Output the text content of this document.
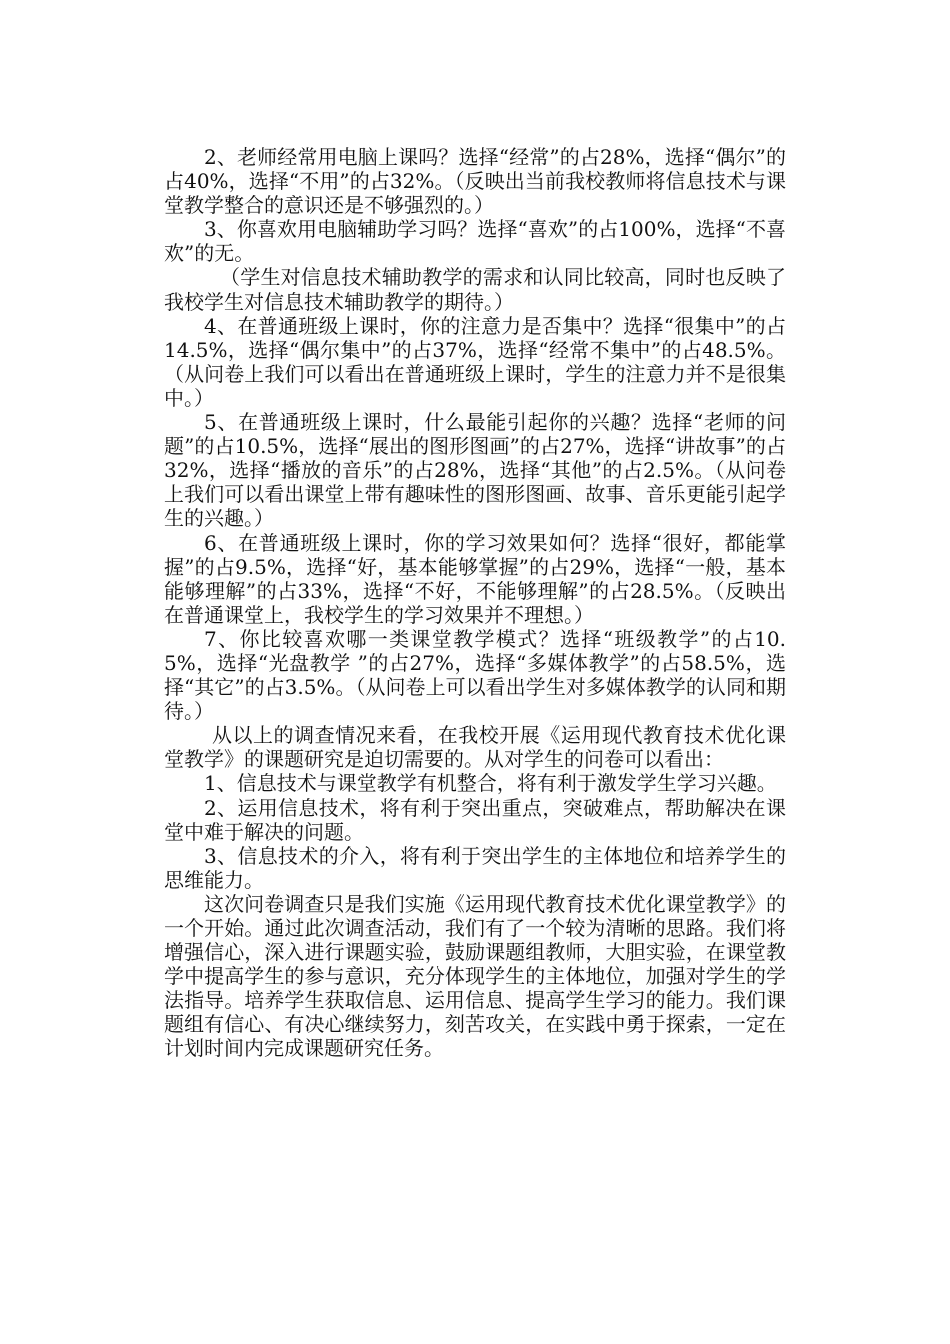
2、老师经常用电脑上课吗？选择“经常”的占28%，选择“偶尔”的占40%，选择“不用”的占32%。（反映出当前我校教师将信息技术与课堂教学整合的意识还是不够强烈的。）

3、你喜欢用电脑辅助学习吗？选择“喜欢”的占100%，选择“不喜欢”的无。

（学生对信息技术辅助教学的需求和认同比较高，同时也反映了我校学生对信息技术辅助教学的期待。）

4、在普通班级上课时，你的注意力是否集中？选择“很集中”的占14.5%，选择“偶尔集中”的占37%，选择“经常不集中”的占48.5%。（从问卷上我们可以看出在普通班级上课时，学生的注意力并不是很集中。）

5、在普通班级上课时，什么最能引起你的兴趣？选择“老师的问题”的占10.5%，选择“展出的图形图画”的占27%，选择“讲故事”的占32%，选择“播放的音乐”的占28%，选择“其他”的占2.5%。（从问卷上我们可以看出课堂上带有趣味性的图形图画、故事、音乐更能引起学生的兴趣。）

6、在普通班级上课时，你的学习效果如何？选择“很好，都能掌握”的占9.5%，选择“好，基本能够掌握”的占29%，选择“一般，基本能够理解”的占33%，选择“不好，不能够理解”的占28.5%。（反映出在普通课堂上，我校学生的学习效果并不理想。）

7、你比较喜欢哪一类课堂教学模式？选择“班级教学”的占10.5%，选择“光盘教学 ”的占27%，选择“多媒体教学”的占58.5%，选择“其它”的占3.5%。（从问卷上可以看出学生对多媒体教学的认同和期待。）

从以上的调查情况来看，在我校开展《运用现代教育技术优化课堂教学》的课题研究是迫切需要的。从对学生的问卷可以看出：

1、信息技术与课堂教学有机整合，将有利于激发学生学习兴趣。

2、运用信息技术，将有利于突出重点，突破难点，帮助解决在课堂中难于解决的问题。

3、信息技术的介入，将有利于突出学生的主体地位和培养学生的思维能力。

这次问卷调查只是我们实施《运用现代教育技术优化课堂教学》的一个开始。通过此次调查活动，我们有了一个较为清晰的思路。我们将增强信心，深入进行课题实验，鼓励课题组教师，大胆实验，在课堂教学中提高学生的参与意识，充分体现学生的主体地位，加强对学生的学法指导。培养学生获取信息、运用信息、提高学生学习的能力。我们课题组有信心、有决心继续努力，刻苦攻关，在实践中勇于探索，一定在计划时间内完成课题研究任务。
